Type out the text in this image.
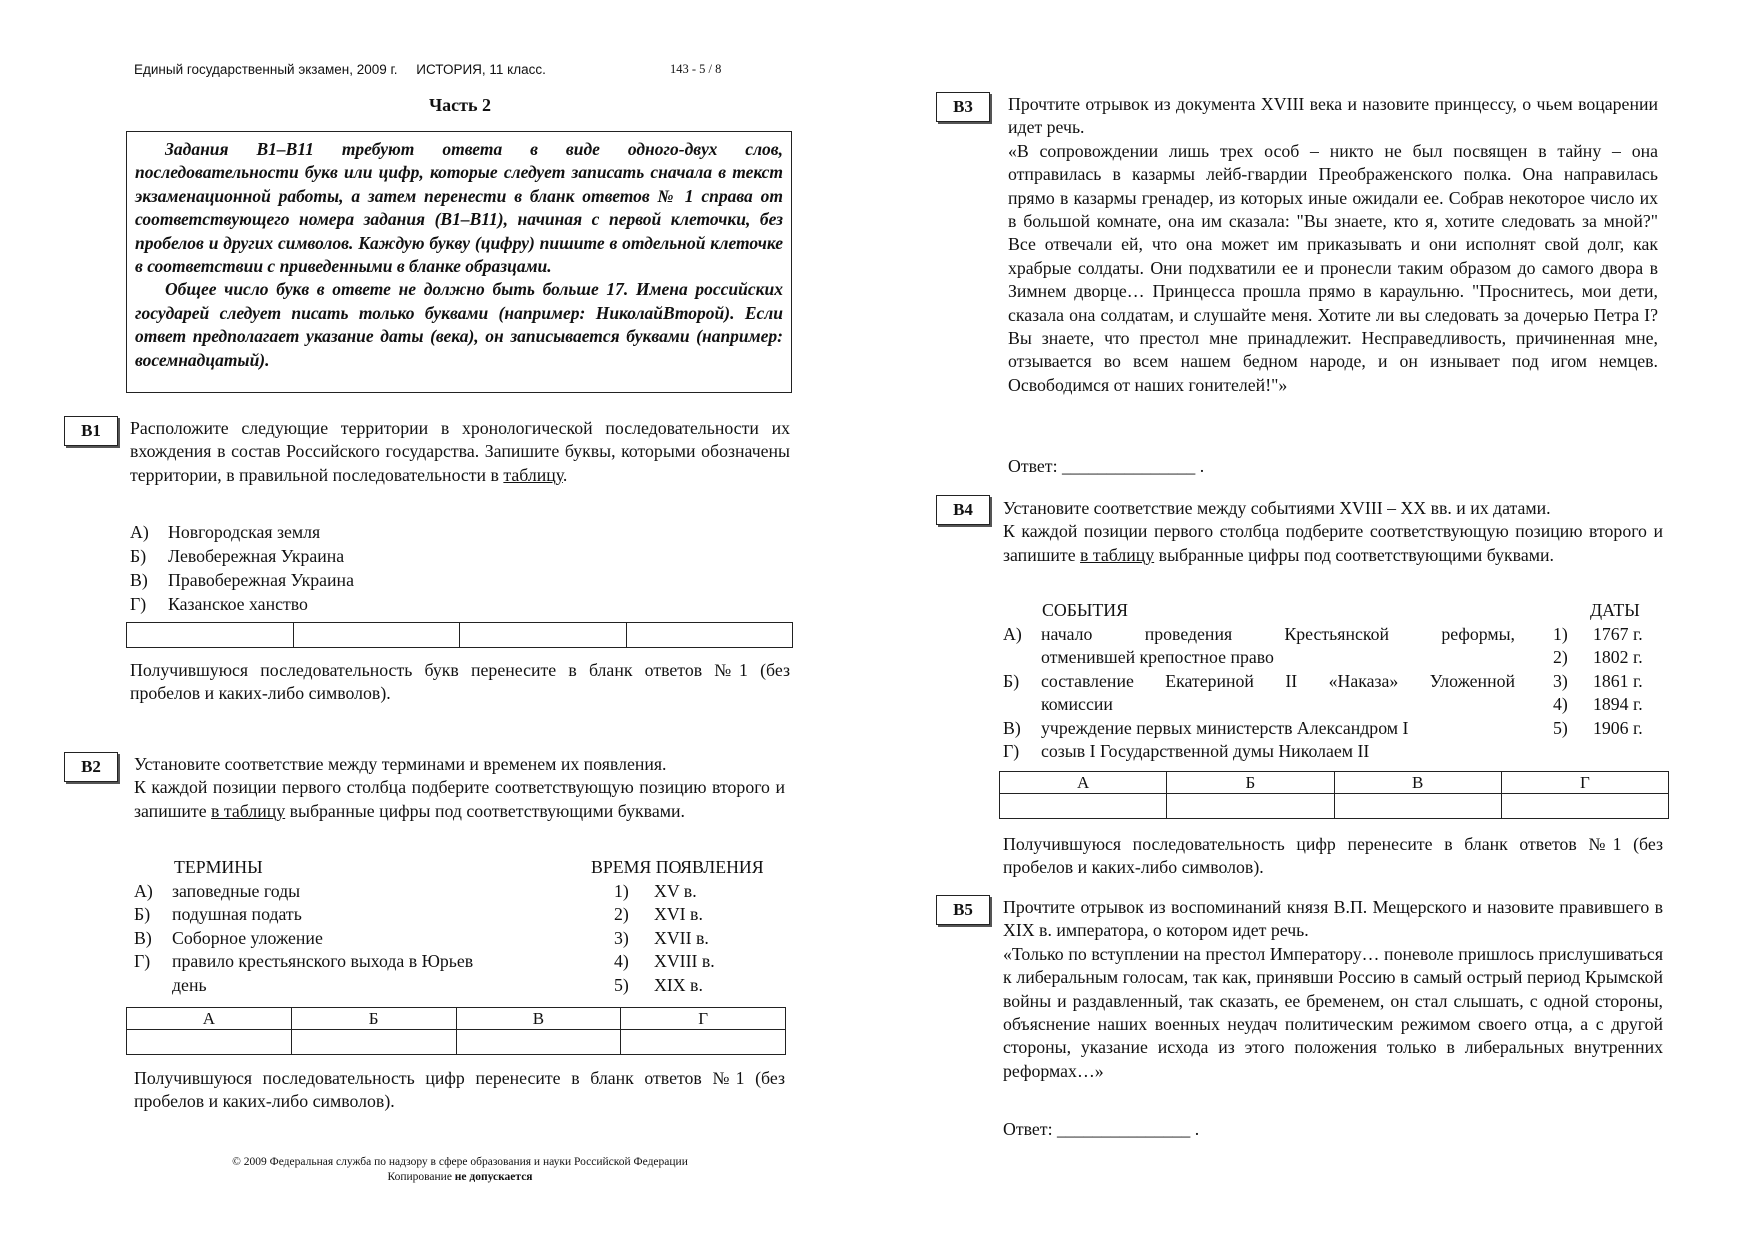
Единый государственный экзамен, 2009 г. ИСТОРИЯ, 11 класс.	143 - 5 / 8
Часть 2

Задания В1–В11 требуют ответа в виде одного-двух слов, последовательности букв или цифр, которые следует записать сначала в текст экзаменационной работы, а затем перенести в бланк ответов № 1 справа от соответствующего номера задания (В1–В11), начиная с первой клеточки, без пробелов и других символов. Каждую букву (цифру) пишите в отдельной клеточке в соответствии с приведенными в бланке образцами.

Общее число букв в ответе не должно быть больше 17. Имена российских государей следует писать только буквами (например: НиколайВторой). Если ответ предполагает указание даты (века), он записывается буквами (например: восемнадцатый).

В1	Расположите следующие территории в хронологической последовательности их вхождения в состав Российского государства. Запишите буквы, которыми обозначены территории, в правильной последовательности в таблицу.

А)	Новгородская земля
Б)	Левобережная Украина
В)	Правобережная Украина
Г)	Казанское ханство

Получившуюся последовательность букв перенесите в бланк ответов №1 (без пробелов и каких-либо символов).
В2	Установите соответствие между терминами и временем их появления.

К каждой позиции первого столбца подберите соответствующую позицию второго и запишите в таблицу выбранные цифры под соответствующими буквами.

ТЕРМИНЫ	ВРЕМЯ ПОЯВЛЕНИЯ
А)	заповедные годы	1)	XV в.
Б)	подушная подать	2)	XVI в.
В)	Соборное уложение	3)	XVII в.
Г)	правило крестьянского выхода в Юрьев	4)	XVIII в.
день	5)	XIX в.
А	Б	В	Г

Получившуюся последовательность цифр перенесите в бланк ответов №1 (без пробелов и каких-либо символов).
В3	Прочтите отрывок из документа XVIII века и назовите принцессу, о чьем воцарении идет речь.

«В сопровождении лишь трех особ – никто не был посвящен в тайну – она отправилась в казармы лейб-гвардии Преображенского полка. Она направилась прямо в казармы гренадер, из которых иные ожидали ее. Собрав некоторое число их в большой комнате, она им сказала: "Вы знаете, кто я, хотите следовать за мной?" Все отвечали ей, что она может им приказывать и они исполнят свой долг, как храбрые солдаты. Они подхватили ее и пронесли таким образом до самого двора в Зимнем дворце… Принцесса прошла прямо в караульню. "Проснитесь, мои дети, сказала она солдатам, и слушайте меня. Хотите ли вы следовать за дочерью Петра I? Вы знаете, что престол мне принадлежит. Несправедливость, причиненная мне, отзывается во всем нашем бедном народе, и он изнывает под игом немцев. Освободимся от наших гонителей!"»

Ответ: _______________ .
В4	Установите соответствие между событиями XVIII – XX вв. и их датами.

К каждой позиции первого столбца подберите соответствующую позицию второго и запишите в таблицу выбранные цифры под соответствующими буквами.

СОБЫТИЯ	ДАТЫ
А)	начало проведения Крестьянской реформы,	1)	1767 г.
отменившей крепостное право	2)	1802 г.
Б)	составление Екатериной II «Наказа» Уложенной	3)	1861 г.
комиссии	4)	1894 г.
В)	учреждение первых министерств Александром I	5)	1906 г.
Г)	созыв I Государственной думы Николаем II
А	Б	В	Г

Получившуюся последовательность цифр перенесите в бланк ответов №1 (без пробелов и каких-либо символов).
В5	Прочтите отрывок из воспоминаний князя В.П. Мещерского и назовите правившего в XIX в. императора, о котором идет речь.

«Только по вступлении на престол Императору… поневоле пришлось прислушиваться к либеральным голосам, так как, принявши Россию в самый острый период Крымской войны и раздавленный, так сказать, ее бременем, он стал слышать, с одной стороны, объяснение наших военных неудач политическим режимом своего отца, а с другой стороны, указание исхода из этого положения только в либеральных внутренних реформах…»

Ответ: _______________ .
© 2009 Федеральная служба по надзору в сфере образования и науки Российской Федерации
Копирование не допускается
